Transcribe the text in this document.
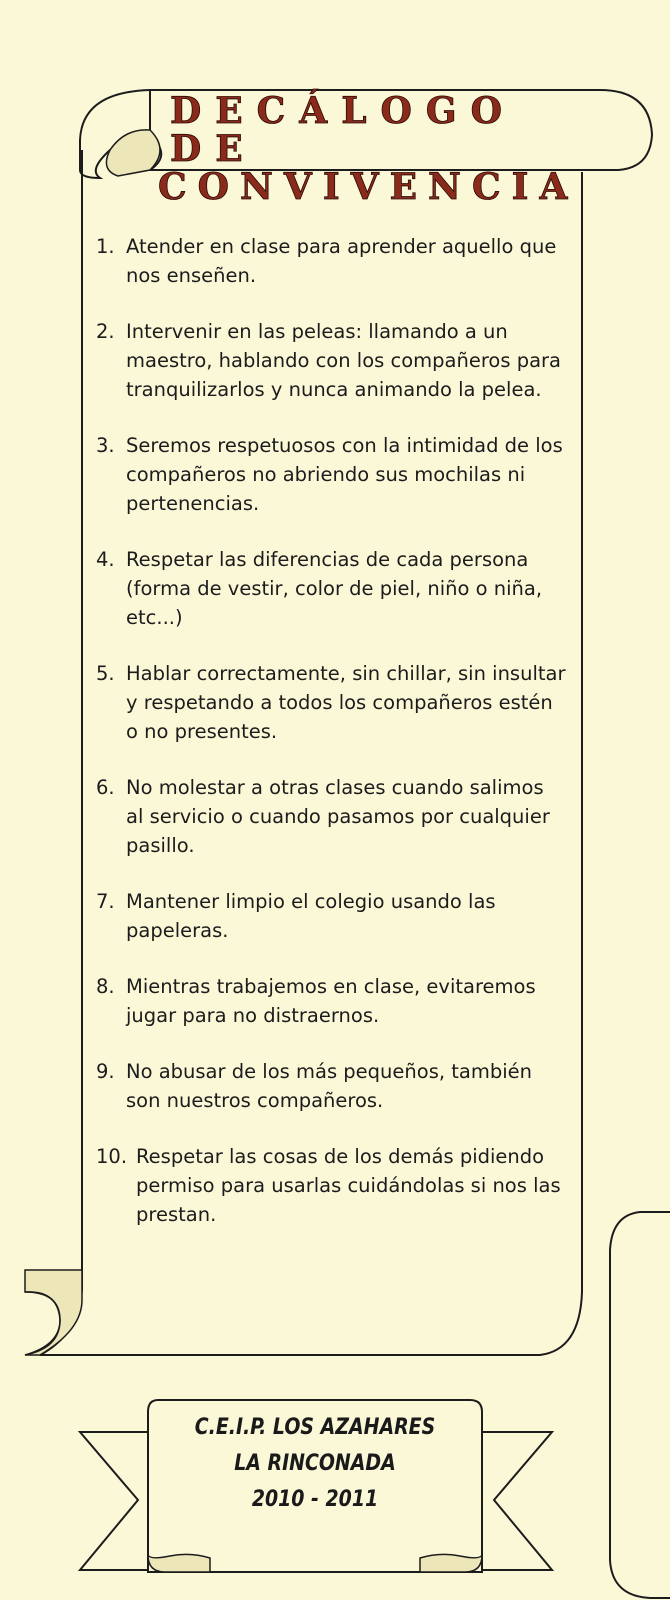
DECÁLOGO DE
CONVIVENCIA
1. Atender en clase para aprender aquello que nos enseñen.
2. Intervenir en las peleas: llamando a un maestro, hablando con los compañeros para tranquilizarlos y nunca animando la pelea.
3. Seremos respetuosos con la intimidad de los compañeros no abriendo sus mochilas ni pertenencias.
4. Respetar las diferencias de cada persona (forma de vestir, color de piel, niño o niña, etc...)
5. Hablar correctamente, sin chillar, sin insultar y respetando a todos los compañeros estén o no presentes.
6. No molestar a otras clases cuando salimos al servicio o cuando pasamos por cualquier pasillo.
7. Mantener limpio el colegio usando las papeleras.
8. Mientras trabajemos en clase, evitaremos jugar para no distraernos.
9. No abusar de los más pequeños, también son nuestros compañeros.
10. Respetar las cosas de los demás pidiendo permiso para usarlas cuidándolas si nos las prestan.
C.E.I.P. LOS AZAHARES
LA RINCONADA
2010 - 2011
